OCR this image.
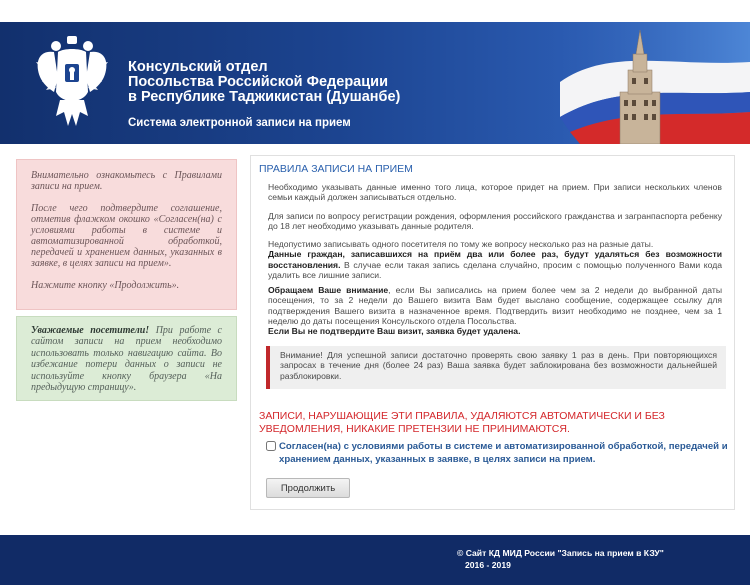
Консульский отдел
Посольства Российской Федерации
в Республике Таджикистан (Душанбе)
Система электронной записи на прием

Внимательно ознакомьтесь с Правилами записи на прием.

После чего подтвердите соглашение, отметив флажком окошко «Согласен(на) с условиями работы в системе и автоматизированной обработкой, передачей и хранением данных, указанных в заявке, в целях записи на прием».

Нажмите кнопку «Продолжить».

Уважаемые посетители! При работе с сайтом записи на прием необходимо использовать только навигацию сайта. Во избежание потери данных о записи не используйте кнопку браузера «На предыдущую страницу».

ПРАВИЛА ЗАПИСИ НА ПРИЕМ
Необходимо указывать данные именно того лица, которое придет на прием. При записи нескольких членов семьи каждый должен записываться отдельно.
Для записи по вопросу регистрации рождения, оформления российского гражданства и загранпаспорта ребенку до 18 лет необходимо указывать данные родителя.
Недопустимо записывать одного посетителя по тому же вопросу несколько раз на разные даты.
Данные граждан, записавшихся на приём два или более раз, будут удаляться без возможности восстановления. В случае если такая запись сделана случайно, просим с помощью полученного Вами кода удалить все лишние записи.
Обращаем Ваше внимание, если Вы записались на прием более чем за 2 недели до выбранной даты посещения, то за 2 недели до Вашего визита Вам будет выслано сообщение, содержащее ссылку для подтверждения Вашего визита в назначенное время. Подтвердить визит необходимо не позднее, чем за 1 неделю до даты посещения Консульского отдела Посольства.
Если Вы не подтвердите Ваш визит, заявка будет удалена.
Внимание! Для успешной записи достаточно проверять свою заявку 1 раз в день. При повторяющихся запросах в течение дня (более 24 раз) Ваша заявка будет заблокирована без возможности дальнейшей разблокировки.
ЗАПИСИ, НАРУШАЮЩИЕ ЭТИ ПРАВИЛА, УДАЛЯЮТСЯ АВТОМАТИЧЕСКИ И БЕЗ УВЕДОМЛЕНИЯ, НИКАКИЕ ПРЕТЕНЗИИ НЕ ПРИНИМАЮТСЯ.
Согласен(на) с условиями работы в системе и автоматизированной обработкой, передачей и хранением данных, указанных в заявке, в целях записи на прием.
Продолжить
© Сайт КД МИД России "Запись на прием в КЗУ"
2016 - 2019
